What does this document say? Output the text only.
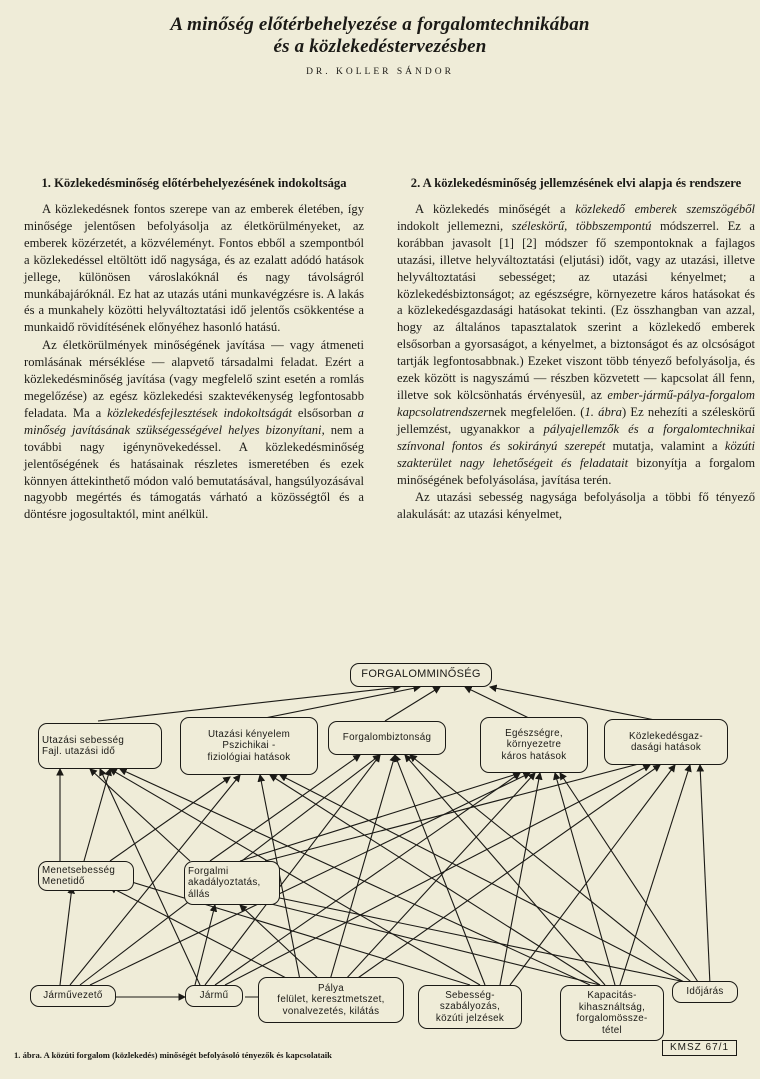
A minőség előtérbehelyezése a forgalomtechnikában
és a közlekedéstervezésben
DR. KOLLER SÁNDOR
1. Közlekedésminőség előtérbehelyezésének indokoltsága

A közlekedésnek fontos szerepe van az emberek életében, így minősége jelentősen befolyásolja az életkörülményeket, az emberek közérzetét, a közvéleményt. Fontos ebből a szempontból a közlekedéssel eltöltött idő nagysága, és az ezalatt adódó hatások jellege, különösen városlakóknál és nagy távolságról munkábajáróknál. Ez hat az utazás utáni munkavégzésre is. A lakás és a munkahely közötti helyváltoztatási idő jelentős csökkentése a munkaidő rövidítésének előnyéhez hasonló hatású.

Az életkörülmények minőségének javítása — vagy átmeneti romlásának mérséklése — alapvető társadalmi feladat. Ezért a közlekedésminőség javítása (vagy megfelelő szint esetén a romlás megelőzése) az egész közlekedési szaktevékenység legfontosabb feladata. Ma a közlekedésfejlesztések indokoltságát elsősorban a minőség javításának szükségességével helyes bizonyítani, nem a további nagy igénynövekedéssel. A közlekedésminőség jelentőségének és hatásainak részletes ismeretében és ezek könnyen áttekinthető módon való bemutatásával, hangsúlyozásával nagyobb megértés és támogatás várható a közösségtől és a döntésre jogosultaktól, mint anélkül.

2. A közlekedésminőség jellemzésének elvi alapja és rendszere

A közlekedés minőségét a közlekedő emberek szemszögéből indokolt jellemezni, széleskörű, többszempontú módszerrel. Ez a korábban javasolt [1] [2] módszer fő szempontoknak a fajlagos utazási, illetve helyváltoztatási (eljutási) időt, vagy az utazási, illetve helyváltoztatási sebességet; az utazási kényelmet; a közlekedésbiztonságot; az egészségre, környezetre káros hatásokat és a közlekedésgazdasági hatásokat tekinti. (Ez összhangban van azzal, hogy az általános tapasztalatok szerint a közlekedő emberek elsősorban a gyorsaságot, a kényelmet, a biztonságot és az olcsóságot tartják legfontosabbnak.) Ezeket viszont több tényező befolyásolja, és ezek között is nagyszámú — részben közvetett — kapcsolat áll fenn, illetve sok kölcsönhatás érvényesül, az ember-jármű-pálya-forgalom kapcsolatrendszernek megfelelően. (1. ábra) Ez nehezíti a széleskörű jellemzést, ugyanakkor a pályajellemzők és a forgalomtechnikai színvonal fontos és sokirányú szerepét mutatja, valamint a közúti szakterület nagy lehetőségeit és feladatait bizonyítja a forgalom minőségének befolyásolása, javítása terén.

Az utazási sebesség nagysága befolyásolja a többi fő tényező alakulását: az utazási kényelmet,

FORGALOMMINŐSÉG
Utazási sebesség
Fajl. utazási idő
Utazási kényelem
Pszichikai -
fiziológiai hatások
Forgalombiztonság	Egészségre,
környezetre
káros hatások
Közlekedésgaz-
dasági hatások
Menetsebesség
Menetidő
Forgalmi
akadályoztatás,
állás
Járművezető	Jármű
Pálya
felület, keresztmetszet,
vonalvezetés, kilátás
Sebesség-
szabályozás,
közúti jelzések
Kapacitás-
kihasználtság,
forgalomössze-
tétel
Időjárás
1. ábra. A közúti forgalom (közlekedés) minőségét befolyásoló tényezők és kapcsolataik
KMSZ 67/1
